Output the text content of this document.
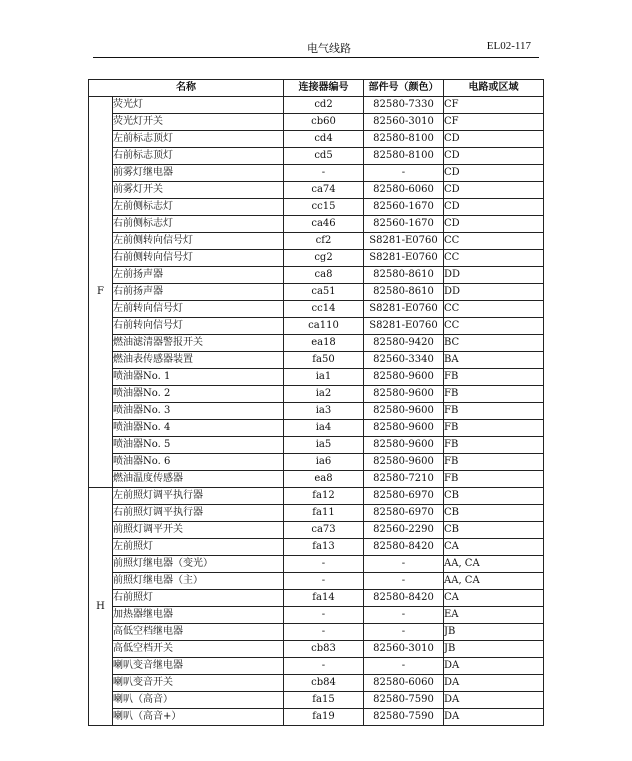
电气线路	EL02-117
名称		连接器编号	部件号（颜色）	电路或区域
F	荧光灯	cd2	82580-7330	CF
	荧光灯开关	cb60	82560-3010	CF
	左前标志顶灯	cd4	82580-8100	CD
	右前标志顶灯	cd5	82580-8100	CD
	前雾灯继电器	-	-	CD
	前雾灯开关	ca74	82580-6060	CD
	左前侧标志灯	cc15	82560-1670	CD
	右前侧标志灯	ca46	82560-1670	CD
	左前侧转向信号灯	cf2	S8281-E0760	CC
	右前侧转向信号灯	cg2	S8281-E0760	CC
	左前扬声器	ca8	82580-8610	DD
	右前扬声器	ca51	82580-8610	DD
	左前转向信号灯	cc14	S8281-E0760	CC
	右前转向信号灯	ca110	S8281-E0760	CC
	燃油滤清器警报开关	ea18	82580-9420	BC
	燃油表传感器装置	fa50	82560-3340	BA
	喷油器No. 1	ia1	82580-9600	FB
	喷油器No. 2	ia2	82580-9600	FB
	喷油器No. 3	ia3	82580-9600	FB
	喷油器No. 4	ia4	82580-9600	FB
	喷油器No. 5	ia5	82580-9600	FB
	喷油器No. 6	ia6	82580-9600	FB
	燃油温度传感器	ea8	82580-7210	FB
H	左前照灯调平执行器	fa12	82580-6970	CB
	右前照灯调平执行器	fa11	82580-6970	CB
	前照灯调平开关	ca73	82560-2290	CB
	左前照灯	fa13	82580-8420	CA
	前照灯继电器（变光）	-	-	AA, CA
	前照灯继电器（主）	-	-	AA, CA
	右前照灯	fa14	82580-8420	CA
	加热器继电器	-	-	EA
	高低空档继电器	-	-	JB
	高低空档开关	cb83	82560-3010	JB
	喇叭变音继电器	-	-	DA
	喇叭变音开关	cb84	82580-6060	DA
	喇叭（高音）	fa15	82580-7590	DA
	喇叭（高音+）	fa19	82580-7590	DA
